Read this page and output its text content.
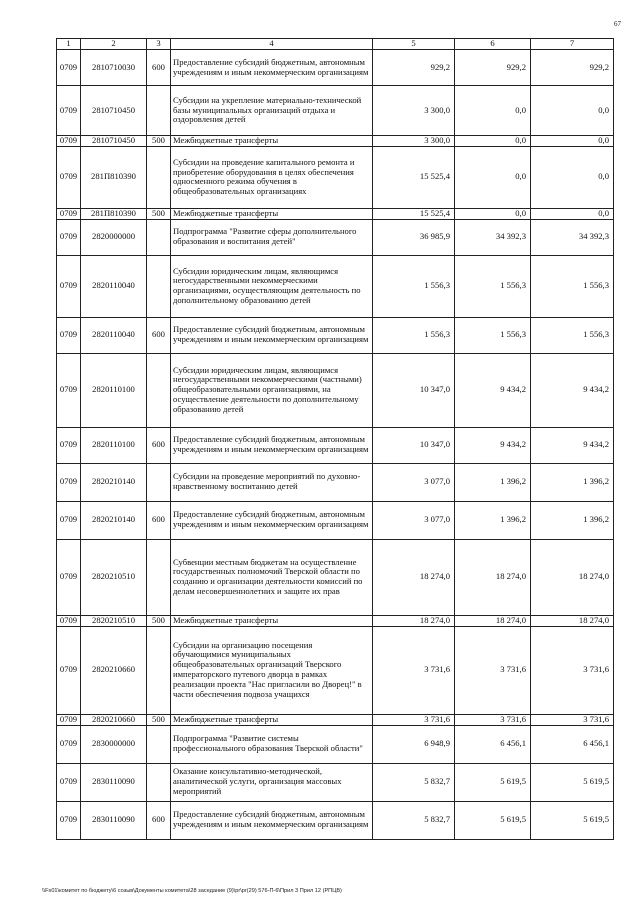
67
1	2	3	4	5	6	7
0709	2810710030	600	Предоставление субсидий бюджетным, автономным учреждениям и иным некоммерческим организациям	929,2	929,2	929,2
0709	2810710450		Субсидии на укрепление материально-технической базы муниципальных организаций отдыха и оздоровления детей	3 300,0	0,0	0,0
0709	2810710450	500	Межбюджетные трансферты	3 300,0	0,0	0,0
0709	281П810390		Субсидии на проведение капитального ремонта и приобретение оборудования в целях обеспечения односменного режима обучения в общеобразовательных организациях	15 525,4	0,0	0,0
0709	281П810390	500	Межбюджетные трансферты	15 525,4	0,0	0,0
0709	2820000000		Подпрограмма "Развитие сферы дополнительного образования и воспитания детей"	36 985,9	34 392,3	34 392,3
0709	2820110040		Субсидии юридическим лицам, являющимся негосударственными некоммерческими организациями, осуществляющим деятельность по дополнительному образованию детей	1 556,3	1 556,3	1 556,3
0709	2820110040	600	Предоставление субсидий бюджетным, автономным учреждениям и иным некоммерческим организациям	1 556,3	1 556,3	1 556,3
0709	2820110100		Субсидии юридическим лицам, являющимся негосударственными некоммерческими (частными) общеобразовательными организациями, на осуществление деятельности по дополнительному образованию детей	10 347,0	9 434,2	9 434,2
0709	2820110100	600	Предоставление субсидий бюджетным, автономным учреждениям и иным некоммерческим организациям	10 347,0	9 434,2	9 434,2
0709	2820210140		Субсидии на проведение мероприятий по духовно-нравственному воспитанию детей	3 077,0	1 396,2	1 396,2
0709	2820210140	600	Предоставление субсидий бюджетным, автономным учреждениям и иным некоммерческим организациям	3 077,0	1 396,2	1 396,2
0709	2820210510		Субвенции местным бюджетам на осуществление государственных полномочий Тверской области по созданию и организации деятельности комиссий по делам несовершеннолетних и защите их прав	18 274,0	18 274,0	18 274,0
0709	2820210510	500	Межбюджетные трансферты	18 274,0	18 274,0	18 274,0
0709	2820210660		Субсидии на организацию посещения обучающимися муниципальных общеобразовательных организаций Тверского императорского путевого дворца в рамках реализации проекта "Нас пригласили во Дворец!" в части обеспечения подвоза учащихся	3 731,6	3 731,6	3 731,6
0709	2820210660	500	Межбюджетные трансферты	3 731,6	3 731,6	3 731,6
0709	2830000000		Подпрограмма "Развитие системы профессионального образования Тверской области"	6 948,9	6 456,1	6 456,1
0709	2830110090		Оказание консультативно-методической, аналитической услуги, организация массовых мероприятий	5 832,7	5 619,5	5 619,5
0709	2830110090	600	Предоставление субсидий бюджетным, автономным учреждениям и иным некоммерческим организациям	5 832,7	5 619,5	5 619,5
\\Fs01\комитет по бюджету\6 созыв\Документы комитета\28 заседание (9)\pr\pr(29) 576-П-6\Прил 3 Прил 12 (РПЦВ)
